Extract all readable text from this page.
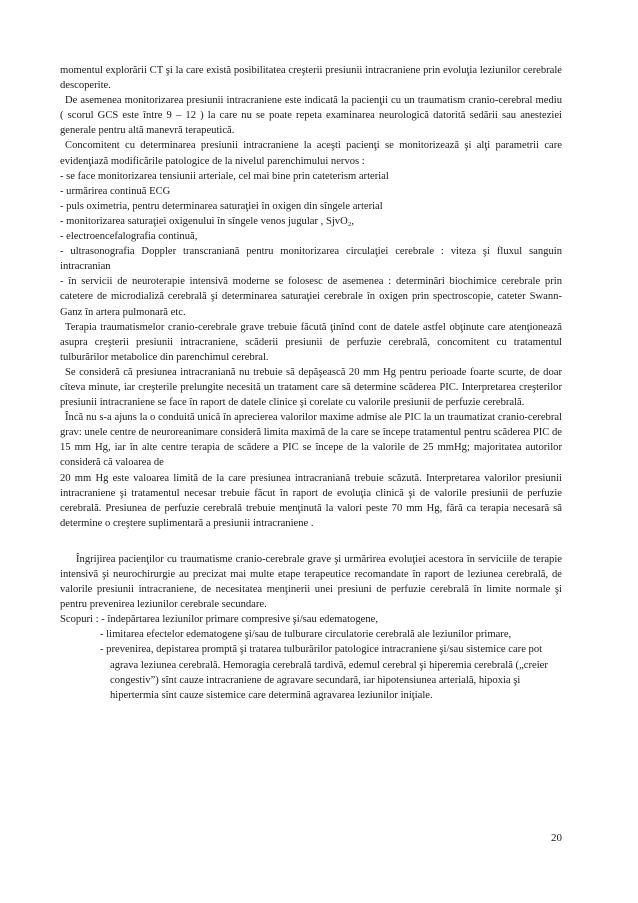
momentul explorării CT şi la care există posibilitatea creşterii presiunii intracraniene prin evoluţia leziunilor cerebrale descoperite.

De asemenea monitorizarea presiunii intracraniene este indicată la pacienţii cu un traumatism cranio-cerebral mediu ( scorul GCS este între 9 – 12 ) la care nu se poate repeta examinarea neurologică datorită sedării sau anesteziei generale pentru altă manevră terapeutică.

Concomitent cu determinarea presiunii intracraniene la aceşti pacienţi se monitorizează şi alţi parametrii care evidenţiază modificările patologice de la nivelul parenchimului nervos :

- se face monitorizarea tensiunii arteriale, cel mai bine prin cateterism arterial

- urmărirea continuă ECG

- puls oximetria, pentru determinarea saturaţiei în oxigen din sîngele arterial

- monitorizarea saturaţiei oxigenului în sîngele venos jugular , SjvO₂,

- electroencefalografia continuă,

- ultrasonografia Doppler transcraniană pentru monitorizarea circulaţiei cerebrale : viteza şi fluxul sanguin intracranian

- în servicii de neuroterapie intensivă moderne se folosesc de asemenea : determinări biochimice cerebrale prin catetere de microdializă cerebrală şi determinarea saturaţiei cerebrale în oxigen prin spectroscopie, cateter Swann-Ganz în artera pulmonară etc.

Terapia traumatismelor cranio-cerebrale grave trebuie făcută ţinînd cont de datele astfel obţinute care atenţionează asupra creşterii presiunii intracraniene, scăderii presiunii de perfuzie cerebrală, concomitent cu tratamentul tulburărilor metabolice din parenchimul cerebral.

Se consideră că presiunea intracraniană nu trebuie să depăşească 20 mm Hg pentru perioade foarte scurte, de doar cîteva minute, iar creşterile prelungite necesită un tratament care să determine scăderea PIC. Interpretarea creşterilor presiunii intracraniene se face în raport de datele clinice şi corelate cu valorile presiunii de perfuzie cerebrală.

Încă nu s-a ajuns la o conduită unică în aprecierea valorilor maxime admise ale PIC la un traumatizat cranio-cerebral grav: unele centre de neuroreanimare consideră limita maximă de la care se începe tratamentul pentru scăderea PIC de 15 mm Hg, iar în alte centre terapia de scădere a PIC se începe de la valorile de 25 mmHg; majoritatea autorilor consideră că valoarea de

20 mm Hg este valoarea limită de la care presiunea intracraniană trebuie scăzută. Interpretarea valorilor presiunii intracraniene şi tratamentul necesar trebuie făcut în raport de evoluţia clinică şi de valorile presiunii de perfuzie cerebrală. Presiunea de perfuzie cerebrală trebuie menţinută la valori peste 70 mm Hg, fără ca terapia necesară să determine o creştere suplimentară a presiunii intracraniene .

Îngrijirea pacienţilor cu traumatisme cranio-cerebrale grave şi urmărirea evoluţiei acestora în serviciile de terapie intensivă şi neurochirurgie au precizat mai multe etape terapeutice recomandate în raport de leziunea cerebrală, de valorile presiunii intracraniene, de necesitatea menţinerii unei presiuni de perfuzie cerebrală în limite normale şi pentru prevenirea leziunilor cerebrale secundare.

Scopuri : - îndepărtarea leziunilor primare compresive şi/sau edematogene,

- limitarea efectelor edematogene şi/sau de tulburare circulatorie cerebrală ale leziunilor primare,

- prevenirea, depistarea promptă şi tratarea tulburărilor patologice intracraniene şi/sau sistemice care pot agrava leziunea cerebrală. Hemoragia cerebrală tardivă, edemul cerebral şi hiperemia cerebrală („creier congestiv”) sînt cauze intracraniene de agravare secundară, iar hipotensiunea arterială, hipoxia şi hipertermia sînt cauze sistemice care determină agravarea leziunilor iniţiale.

20
